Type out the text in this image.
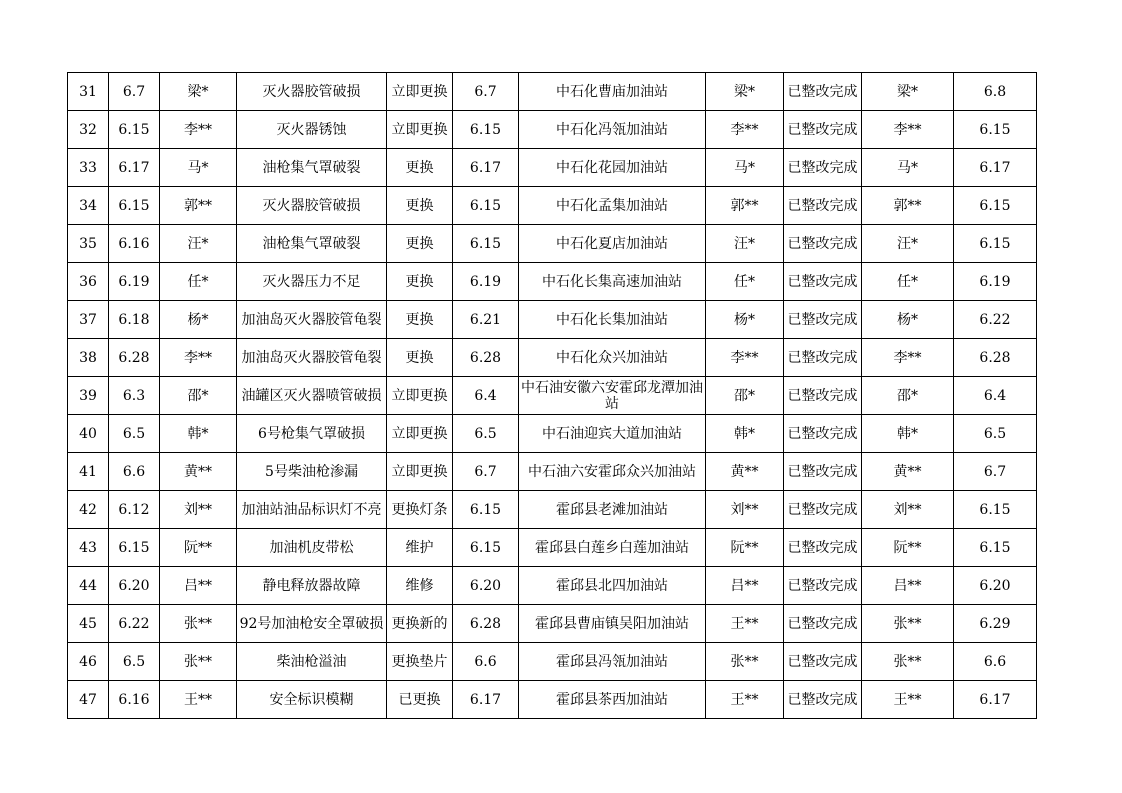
31	6.7	梁*	灭火器胶管破损	立即更换	6.7	中石化曹庙加油站	梁*	已整改完成	梁*	6.8
32	6.15	李**	灭火器锈蚀	立即更换	6.15	中石化冯瓴加油站	李**	已整改完成	李**	6.15
33	6.17	马*	油枪集气罩破裂	更换	6.17	中石化花园加油站	马*	已整改完成	马*	6.17
34	6.15	郭**	灭火器胶管破损	更换	6.15	中石化孟集加油站	郭**	已整改完成	郭**	6.15
35	6.16	汪*	油枪集气罩破裂	更换	6.15	中石化夏店加油站	汪*	已整改完成	汪*	6.15
36	6.19	任*	灭火器压力不足	更换	6.19	中石化长集高速加油站	任*	已整改完成	任*	6.19
37	6.18	杨*	加油岛灭火器胶管龟裂	更换	6.21	中石化长集加油站	杨*	已整改完成	杨*	6.22
38	6.28	李**	加油岛灭火器胶管龟裂	更换	6.28	中石化众兴加油站	李**	已整改完成	李**	6.28
39	6.3	邵*	油罐区灭火器喷管破损	立即更换	6.4	中石油安徽六安霍邱龙潭加油站	邵*	已整改完成	邵*	6.4
40	6.5	韩*	6号枪集气罩破损	立即更换	6.5	中石油迎宾大道加油站	韩*	已整改完成	韩*	6.5
41	6.6	黄**	5号柴油枪渗漏	立即更换	6.7	中石油六安霍邱众兴加油站	黄**	已整改完成	黄**	6.7
42	6.12	刘**	加油站油品标识灯不亮	更换灯条	6.15	霍邱县老滩加油站	刘**	已整改完成	刘**	6.15
43	6.15	阮**	加油机皮带松	维护	6.15	霍邱县白莲乡白莲加油站	阮**	已整改完成	阮**	6.15
44	6.20	吕**	静电释放器故障	维修	6.20	霍邱县北四加油站	吕**	已整改完成	吕**	6.20
45	6.22	张**	92号加油枪安全罩破损	更换新的	6.28	霍邱县曹庙镇吴阳加油站	王**	已整改完成	张**	6.29
46	6.5	张**	柴油枪溢油	更换垫片	6.6	霍邱县冯瓴加油站	张**	已整改完成	张**	6.6
47	6.16	王**	安全标识模糊	已更换	6.17	霍邱县茶西加油站	王**	已整改完成	王**	6.17
